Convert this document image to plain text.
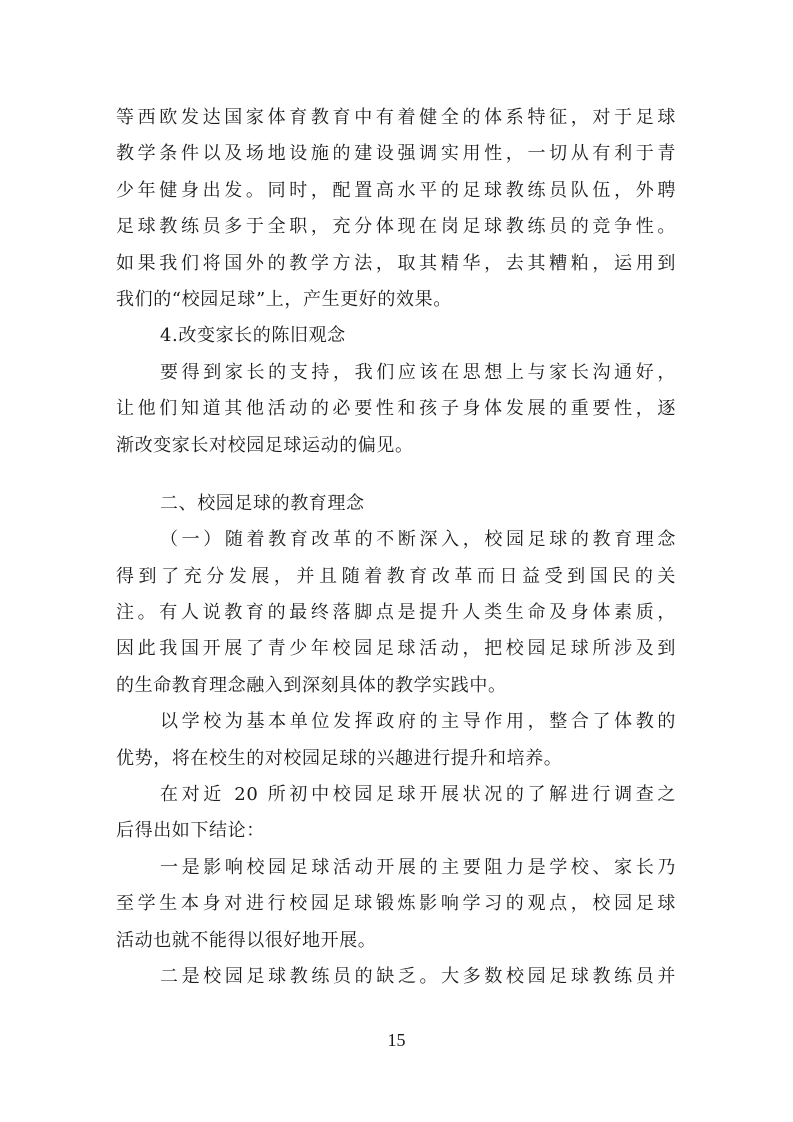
等西欧发达国家体育教育中有着健全的体系特征，对于足球
教学条件以及场地设施的建设强调实用性，一切从有利于青
少年健身出发。同时，配置高水平的足球教练员队伍，外聘
足球教练员多于全职，充分体现在岗足球教练员的竞争性。
如果我们将国外的教学方法，取其精华，去其糟粕，运用到
我们的“校园足球”上，产生更好的效果。
4.改变家长的陈旧观念
要得到家长的支持，我们应该在思想上与家长沟通好，
让他们知道其他活动的必要性和孩子身体发展的重要性，逐
渐改变家长对校园足球运动的偏见。
二、校园足球的教育理念
（一）随着教育改革的不断深入，校园足球的教育理念
得到了充分发展，并且随着教育改革而日益受到国民的关
注。有人说教育的最终落脚点是提升人类生命及身体素质，
因此我国开展了青少年校园足球活动，把校园足球所涉及到
的生命教育理念融入到深刻具体的教学实践中。
以学校为基本单位发挥政府的主导作用，整合了体教的
优势，将在校生的对校园足球的兴趣进行提升和培养。
在对近 20 所初中校园足球开展状况的了解进行调查之
后得出如下结论：
一是影响校园足球活动开展的主要阻力是学校、家长乃
至学生本身对进行校园足球锻炼影响学习的观点，校园足球
活动也就不能得以很好地开展。
二是校园足球教练员的缺乏。大多数校园足球教练员并
15
